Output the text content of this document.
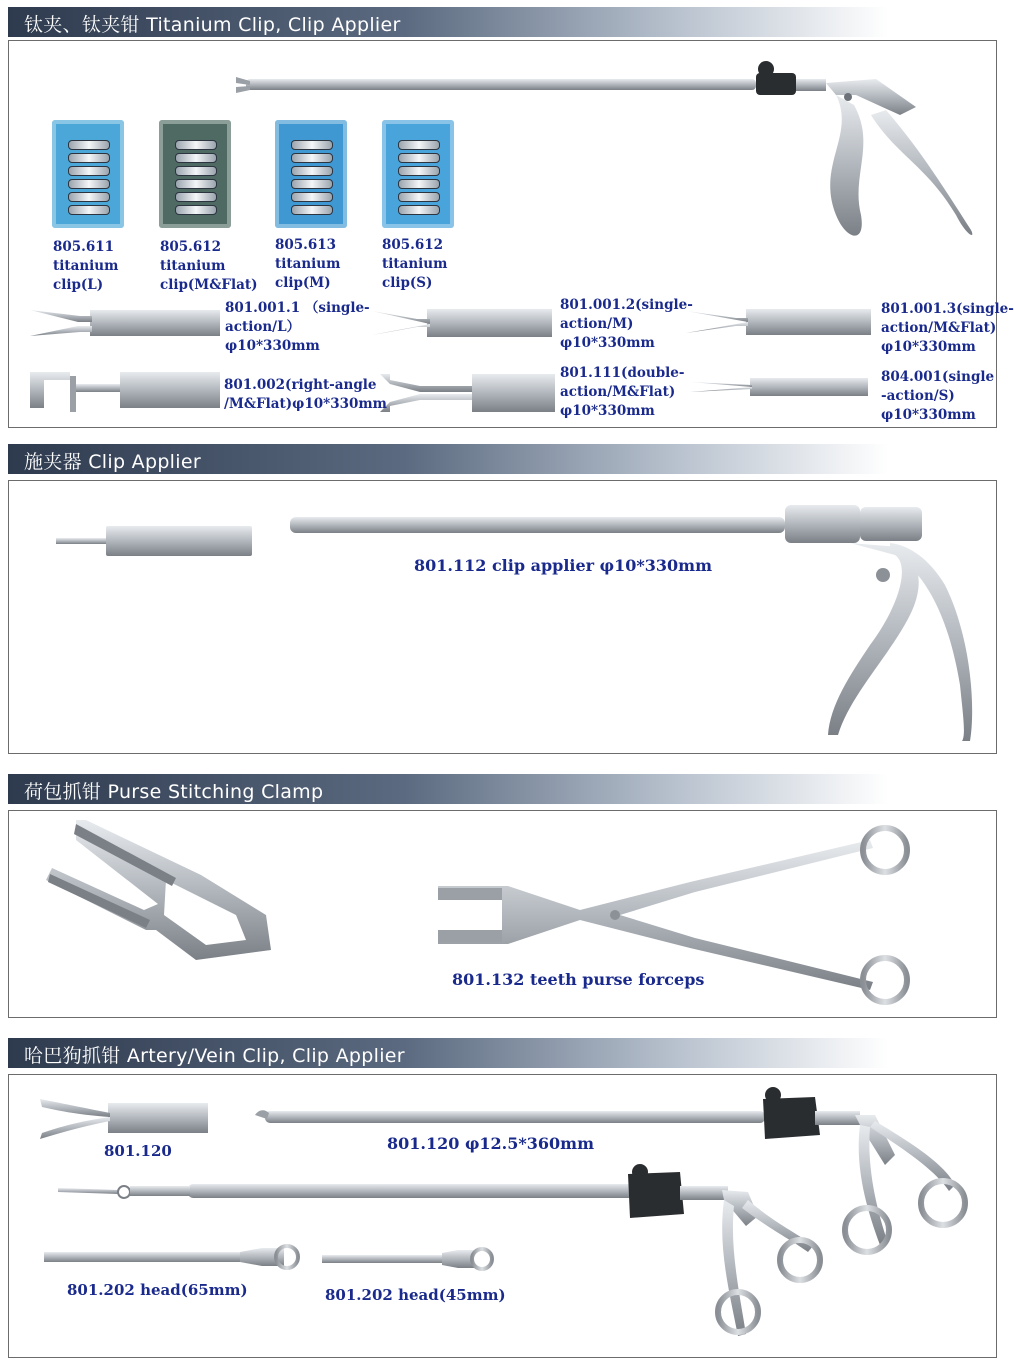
钛夹、钛夹钳 Titanium Clip, Clip Applier
805.611
titanium
clip(L)
805.612
titanium
clip(M&Flat)
805.613
titanium
clip(M)
805.612
titanium
clip(S)
801.001.1 （single-
action/L）
φ10*330mm
801.001.2(single-
action/M)
φ10*330mm
801.001.3(single-
action/M&Flat)
φ10*330mm
801.002(right-angle
/M&Flat)φ10*330mm
801.111(double-
action/M&Flat)
φ10*330mm
804.001(single
-action/S)
φ10*330mm
施夹器 Clip Applier
801.112 clip applier φ10*330mm
荷包抓钳 Purse Stitching Clamp
801.132 teeth purse forceps
哈巴狗抓钳 Artery/Vein Clip, Clip Applier
801.120	801.120 φ12.5*360mm
801.202 head(65mm)	801.202 head(45mm)
